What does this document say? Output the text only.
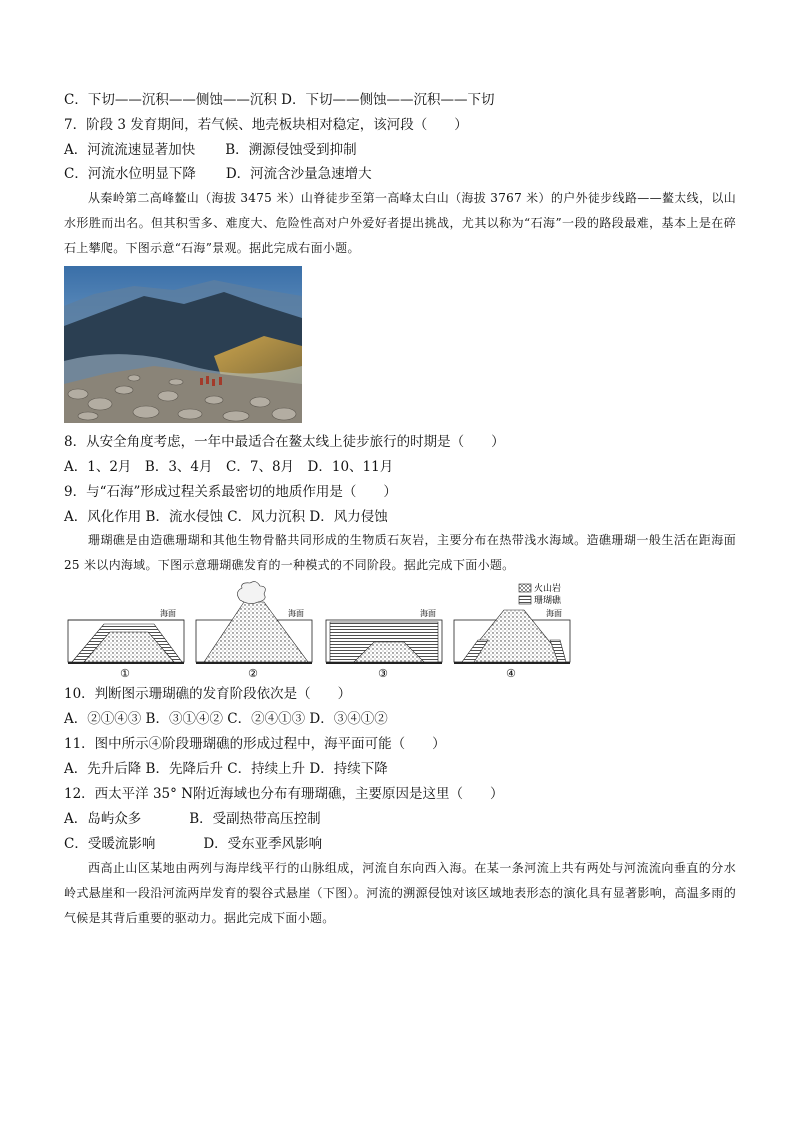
C．下切——沉积——侧蚀——沉积 D．下切——侧蚀——沉积——下切
7．阶段 3 发育期间，若气候、地壳板块相对稳定，该河段（　　）
A．河流流速显著加快 B．溯源侵蚀受到抑制
C．河流水位明显下降 D．河流含沙量急速增大
从秦岭第二高峰鳌山（海拔 3475 米）山脊徒步至第一高峰太白山（海拔 3767 米）的户外徒步线路——鳌太线，以山水形胜而出名。但其积雪多、难度大、危险性高对户外爱好者提出挑战，尤其以称为“石海”一段的路段最难，基本上是在碎石上攀爬。下图示意“石海”景观。据此完成右面小题。
8．从安全角度考虑，一年中最适合在鳌太线上徒步旅行的时期是（　　）
A．1、2月　B．3、4月　C．7、8月　D．10、11月
9．与“石海”形成过程关系最密切的地质作用是（　　）
A．风化作用 B．流水侵蚀 C．风力沉积 D．风力侵蚀
珊瑚礁是由造礁珊瑚和其他生物骨骼共同形成的生物质石灰岩，主要分布在热带浅水海域。造礁珊瑚一般生活在距海面 25 米以内海域。下图示意珊瑚礁发育的一种模式的不同阶段。据此完成下面小题。
火山岩
珊瑚礁
海面
①
海面
②
海面
③
海面
④
10．判断图示珊瑚礁的发育阶段依次是（　　）
A．②①④③ B．③①④② C．②④①③ D．③④①②
11．图中所示④阶段珊瑚礁的形成过程中，海平面可能（　　）
A．先升后降 B．先降后升 C．持续上升 D．持续下降
12．西太平洋 35° N附近海域也分布有珊瑚礁，主要原因是这里（　　）
A．岛屿众多	B．受副热带高压控制
C．受暖流影响	D．受东亚季风影响
西高止山区某地由两列与海岸线平行的山脉组成，河流自东向西入海。在某一条河流上共有两处与河流流向垂直的分水岭式悬崖和一段沿河流两岸发育的裂谷式悬崖（下图）。河流的溯源侵蚀对该区域地表形态的演化具有显著影响，高温多雨的气候是其背后重要的驱动力。据此完成下面小题。
